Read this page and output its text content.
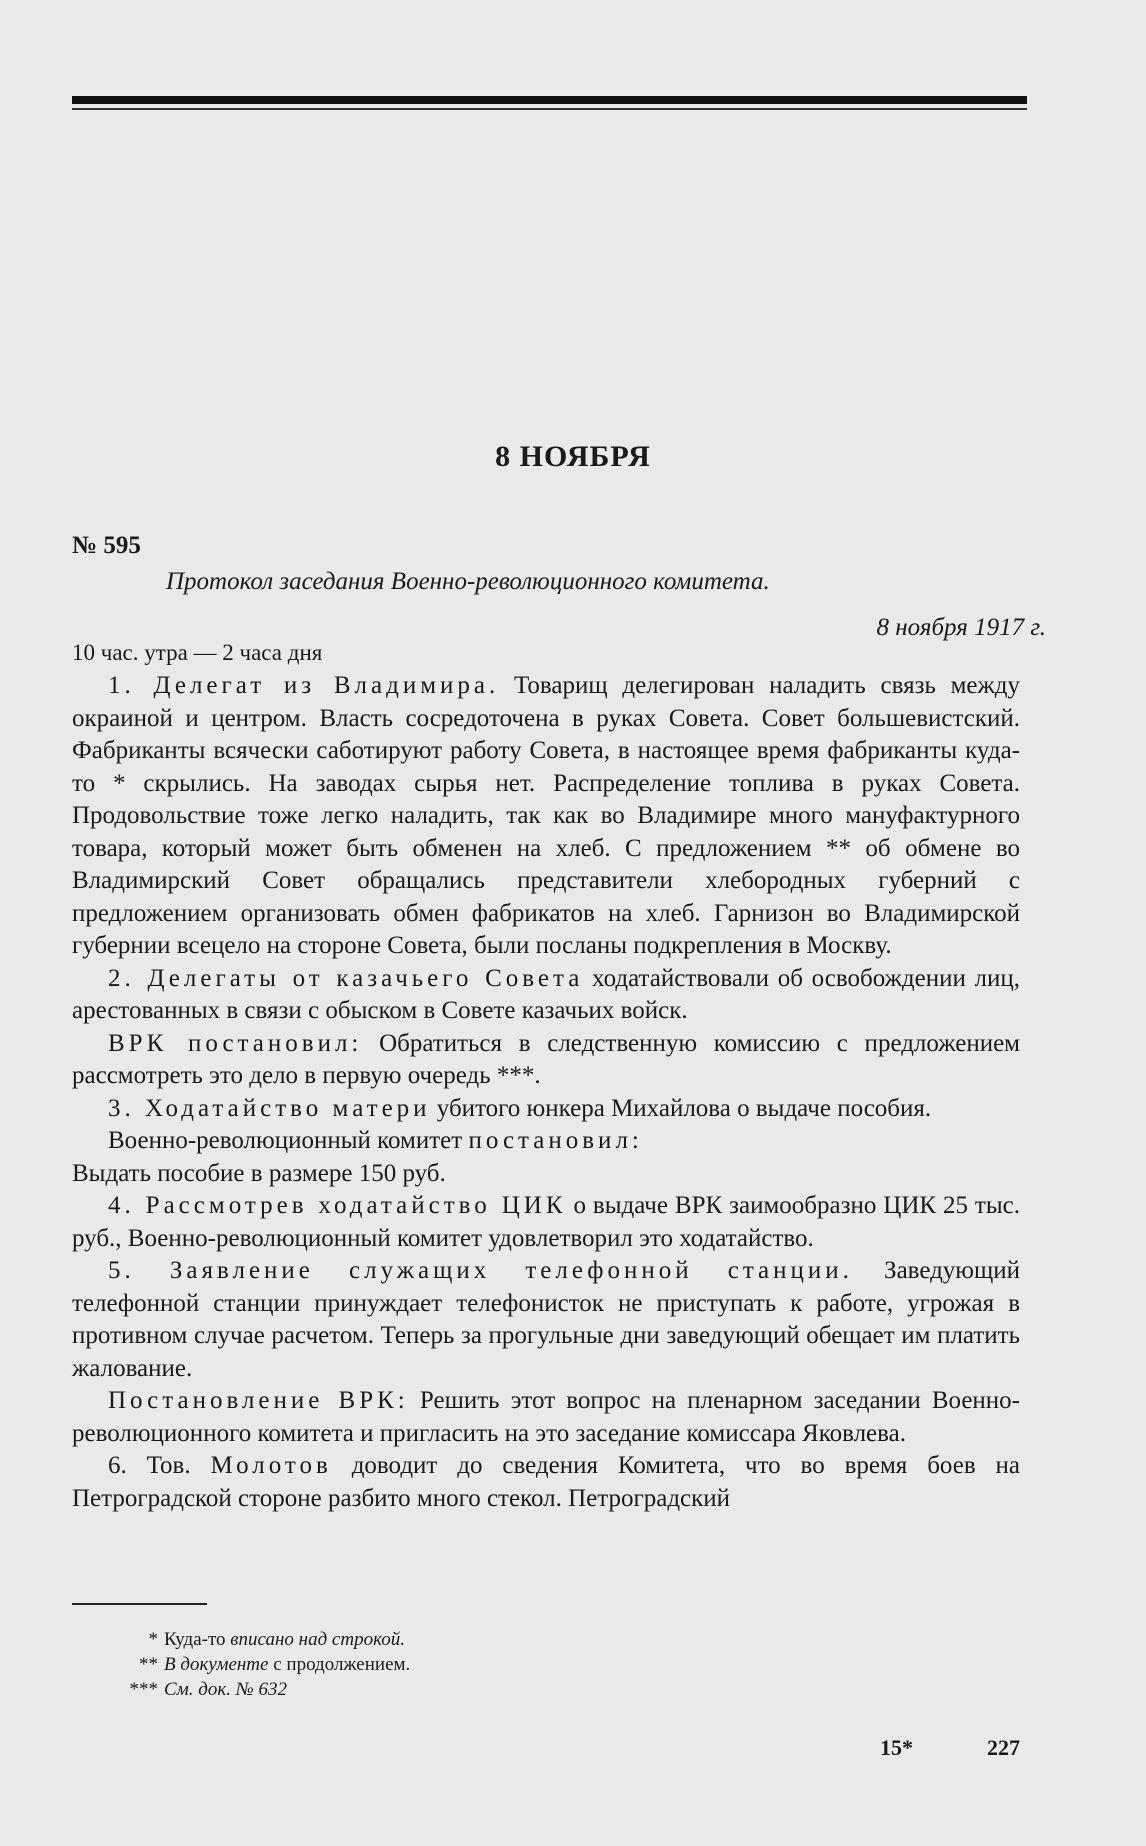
8 НОЯБРЯ
№ 595
Протокол заседания Военно-революционного комитета.
8 ноября 1917 г.
10 час. утра — 2 часа дня

1. Делегат из Владимира. Товарищ делегирован наладить связь между окраиной и центром. Власть сосредоточена в руках Совета. Совет большевистский. Фабриканты всячески саботируют работу Совета, в настоящее время фабриканты куда-то * скрылись. На заводах сырья нет. Распределение топлива в руках Совета. Продовольствие тоже легко наладить, так как во Владимире много мануфактурного товара, который может быть обменен на хлеб. С предложением ** об обмене во Владимирский Совет обращались представители хлебородных губерний с предложением организовать обмен фабрикатов на хлеб. Гарнизон во Владимирской губернии всецело на стороне Совета, были посланы подкрепления в Москву.

2. Делегаты от казачьего Совета ходатайствовали об освобождении лиц, арестованных в связи с обыском в Совете казачьих войск.

ВРК постановил: Обратиться в следственную комиссию с предложением рассмотреть это дело в первую очередь ***.

3. Ходатайство матери убитого юнкера Михайлова о выдаче пособия.

Военно-революционный комитет постановил:

Выдать пособие в размере 150 руб.

4. Рассмотрев ходатайство ЦИК о выдаче ВРК заимообразно ЦИК 25 тыс. руб., Военно-революционный комитет удовлетворил это ходатайство.

5. Заявление служащих телефонной станции. Заведующий телефонной станции принуждает телефонисток не приступать к работе, угрожая в противном случае расчетом. Теперь за прогульные дни заведующий обещает им платить жалование.

Постановление ВРК: Решить этот вопрос на пленарном заседании Военно-революционного комитета и пригласить на это заседание комиссара Яковлева.

6. Тов. Молотов доводит до сведения Комитета, что во время боев на Петроградской стороне разбито много стекол. Петроградский

* Куда-то вписано над строкой.
** В документе с продолжением.
*** См. док. № 632
15*	227
